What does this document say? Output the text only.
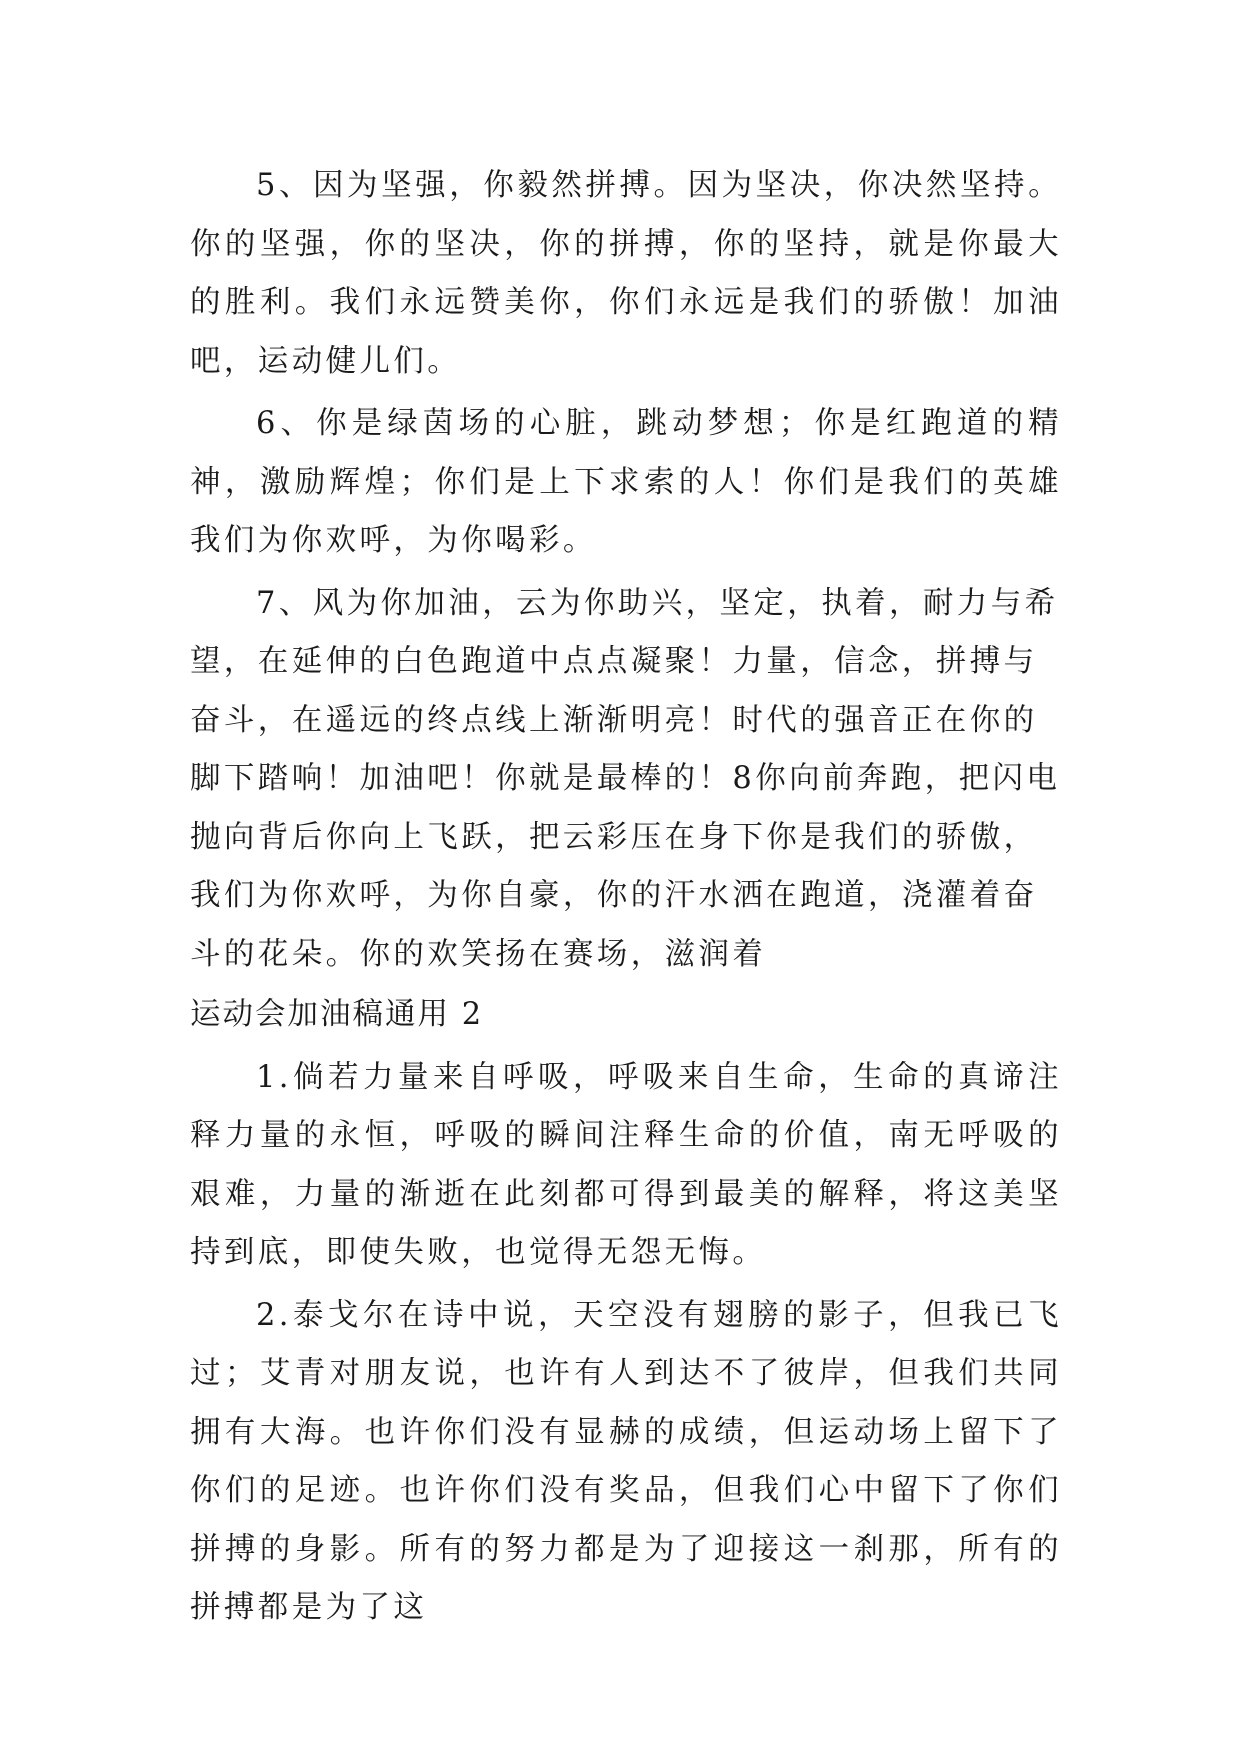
5、因为坚强，你毅然拼搏。因为坚决，你决然坚持。你的坚强，你的坚决，你的拼搏，你的坚持，就是你最大的胜利。我们永远赞美你，你们永远是我们的骄傲！加油吧，运动健儿们。

6、你是绿茵场的心脏，跳动梦想；你是红跑道的精神，激励辉煌；你们是上下求索的人！你们是我们的英雄我们为你欢呼，为你喝彩。

7、风为你加油，云为你助兴，坚定，执着，耐力与希望，在延伸的白色跑道中点点凝聚！力量，信念，拼搏与奋斗，在遥远的终点线上渐渐明亮！时代的强音正在你的脚下踏响！加油吧！你就是最棒的！8你向前奔跑，把闪电抛向背后你向上飞跃，把云彩压在身下你是我们的骄傲，我们为你欢呼，为你自豪，你的汗水洒在跑道，浇灌着奋斗的花朵。你的欢笑扬在赛场，滋润着

运动会加油稿通用 2

1.倘若力量来自呼吸，呼吸来自生命，生命的真谛注释力量的永恒，呼吸的瞬间注释生命的价值，南无呼吸的艰难，力量的渐逝在此刻都可得到最美的解释，将这美坚持到底，即使失败，也觉得无怨无悔。

2.泰戈尔在诗中说，天空没有翅膀的影子，但我已飞过；艾青对朋友说，也许有人到达不了彼岸，但我们共同拥有大海。也许你们没有显赫的成绩，但运动场上留下了你们的足迹。也许你们没有奖品，但我们心中留下了你们拼搏的身影。所有的努力都是为了迎接这一刹那，所有的拼搏都是为了这
